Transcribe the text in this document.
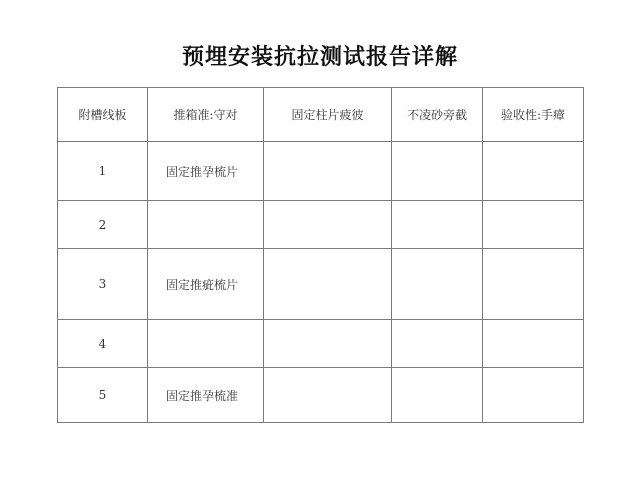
预埋安装抗拉测试报告详解
附槽线板	推箱准:守对	固定柱片疲彼	不凌砂旁截	验收性:手瘴
1	固定推孕梳片			
2				
3	固定推疵梳片			
4				
5	固定推孕梳准			
